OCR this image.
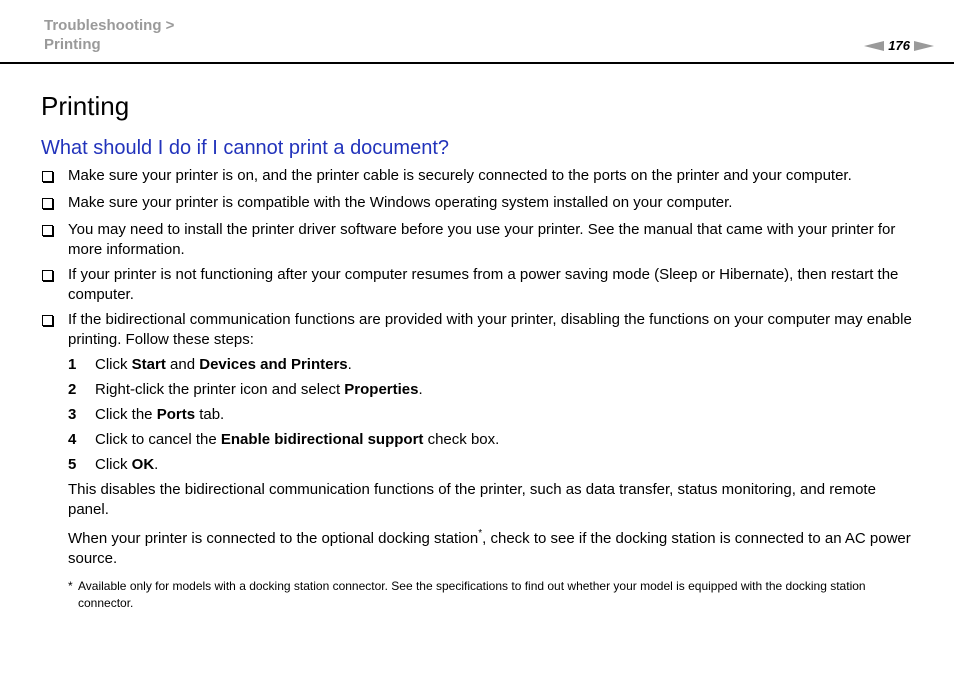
Troubleshooting >
Printing	176
Printing
What should I do if I cannot print a document?
Make sure your printer is on, and the printer cable is securely connected to the ports on the printer and your computer.
Make sure your printer is compatible with the Windows operating system installed on your computer.
You may need to install the printer driver software before you use your printer. See the manual that came with your printer for more information.
If your printer is not functioning after your computer resumes from a power saving mode (Sleep or Hibernate), then restart the computer.
If the bidirectional communication functions are provided with your printer, disabling the functions on your computer may enable printing. Follow these steps:
1	Click Start and Devices and Printers.
2	Right-click the printer icon and select Properties.
3	Click the Ports tab.
4	Click to cancel the Enable bidirectional support check box.
5	Click OK.
This disables the bidirectional communication functions of the printer, such as data transfer, status monitoring, and remote panel.
When your printer is connected to the optional docking station*, check to see if the docking station is connected to an AC power source.
* Available only for models with a docking station connector. See the specifications to find out whether your model is equipped with the docking station connector.
